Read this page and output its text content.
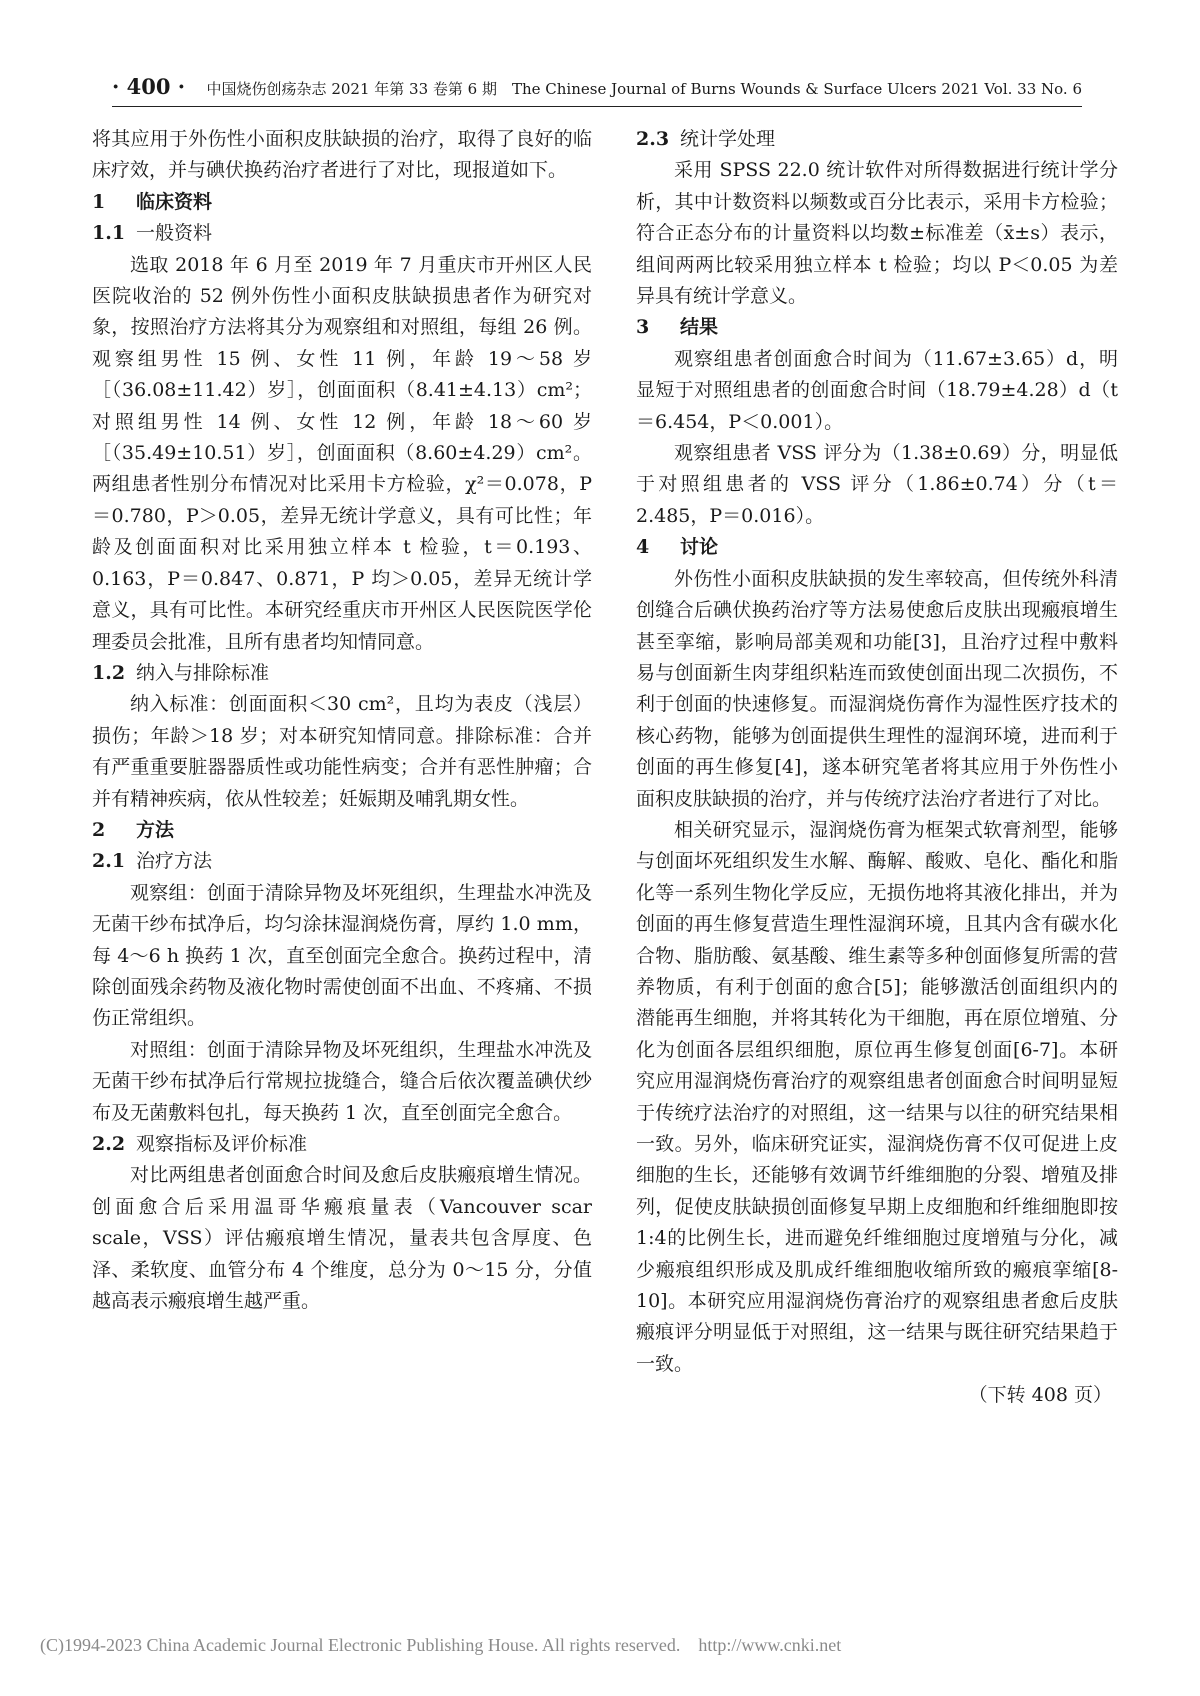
· 400 · 中国烧伤创疡杂志 2021 年第 33 卷第 6 期　The Chinese Journal of Burns Wounds & Surface Ulcers 2021 Vol. 33 No. 6

将其应用于外伤性小面积皮肤缺损的治疗，取得了良好的临床疗效，并与碘伏换药治疗者进行了对比，现报道如下。

1 临床资料
1.1 一般资料

选取 2018 年 6 月至 2019 年 7 月重庆市开州区人民医院收治的 52 例外伤性小面积皮肤缺损患者作为研究对象，按照治疗方法将其分为观察组和对照组，每组 26 例。观察组男性 15 例、女性 11 例，年龄 19～58 岁［（36.08±11.42）岁］，创面面积（8.41±4.13）cm²；对照组男性 14 例、女性 12 例，年龄 18～60 岁［（35.49±10.51）岁］，创面面积（8.60±4.29）cm²。两组患者性别分布情况对比采用卡方检验，χ²＝0.078，P＝0.780，P＞0.05，差异无统计学意义，具有可比性；年龄及创面面积对比采用独立样本 t 检验，t＝0.193、0.163，P＝0.847、0.871，P 均＞0.05，差异无统计学意义，具有可比性。本研究经重庆市开州区人民医院医学伦理委员会批准，且所有患者均知情同意。

1.2 纳入与排除标准

纳入标准：创面面积＜30 cm²，且均为表皮（浅层）损伤；年龄＞18 岁；对本研究知情同意。排除标准：合并有严重重要脏器器质性或功能性病变；合并有恶性肿瘤；合并有精神疾病，依从性较差；妊娠期及哺乳期女性。

2 方法
2.1 治疗方法

观察组：创面于清除异物及坏死组织，生理盐水冲洗及无菌干纱布拭净后，均匀涂抹湿润烧伤膏，厚约 1.0 mm，每 4～6 h 换药 1 次，直至创面完全愈合。换药过程中，清除创面残余药物及液化物时需使创面不出血、不疼痛、不损伤正常组织。

对照组：创面于清除异物及坏死组织，生理盐水冲洗及无菌干纱布拭净后行常规拉拢缝合，缝合后依次覆盖碘伏纱布及无菌敷料包扎，每天换药 1 次，直至创面完全愈合。

2.2 观察指标及评价标准

对比两组患者创面愈合时间及愈后皮肤瘢痕增生情况。创面愈合后采用温哥华瘢痕量表（Vancouver scar scale，VSS）评估瘢痕增生情况，量表共包含厚度、色泽、柔软度、血管分布 4 个维度，总分为 0～15 分，分值越高表示瘢痕增生越严重。

2.3 统计学处理

采用 SPSS 22.0 统计软件对所得数据进行统计学分析，其中计数资料以频数或百分比表示，采用卡方检验；符合正态分布的计量资料以均数±标准差（x̄±s）表示，组间两两比较采用独立样本 t 检验；均以 P＜0.05 为差异具有统计学意义。

3 结果

观察组患者创面愈合时间为（11.67±3.65）d，明显短于对照组患者的创面愈合时间（18.79±4.28）d（t＝6.454，P＜0.001）。

观察组患者 VSS 评分为（1.38±0.69）分，明显低于对照组患者的 VSS 评分（1.86±0.74）分（t＝2.485，P＝0.016）。

4 讨论

外伤性小面积皮肤缺损的发生率较高，但传统外科清创缝合后碘伏换药治疗等方法易使愈后皮肤出现瘢痕增生甚至挛缩，影响局部美观和功能[3]，且治疗过程中敷料易与创面新生肉芽组织粘连而致使创面出现二次损伤，不利于创面的快速修复。而湿润烧伤膏作为湿性医疗技术的核心药物，能够为创面提供生理性的湿润环境，进而利于创面的再生修复[4]，遂本研究笔者将其应用于外伤性小面积皮肤缺损的治疗，并与传统疗法治疗者进行了对比。

相关研究显示，湿润烧伤膏为框架式软膏剂型，能够与创面坏死组织发生水解、酶解、酸败、皂化、酯化和脂化等一系列生物化学反应，无损伤地将其液化排出，并为创面的再生修复营造生理性湿润环境，且其内含有碳水化合物、脂肪酸、氨基酸、维生素等多种创面修复所需的营养物质，有利于创面的愈合[5]；能够激活创面组织内的潜能再生细胞，并将其转化为干细胞，再在原位增殖、分化为创面各层组织细胞，原位再生修复创面[6-7]。本研究应用湿润烧伤膏治疗的观察组患者创面愈合时间明显短于传统疗法治疗的对照组，这一结果与以往的研究结果相一致。另外，临床研究证实，湿润烧伤膏不仅可促进上皮细胞的生长，还能够有效调节纤维细胞的分裂、增殖及排列，促使皮肤缺损创面修复早期上皮细胞和纤维细胞即按1:4的比例生长，进而避免纤维细胞过度增殖与分化，减少瘢痕组织形成及肌成纤维细胞收缩所致的瘢痕挛缩[8-10]。本研究应用湿润烧伤膏治疗的观察组患者愈后皮肤瘢痕评分明显低于对照组，这一结果与既往研究结果趋于一致。

（下转 408 页）

(C)1994-2023 China Academic Journal Electronic Publishing House. All rights reserved.　http://www.cnki.net
